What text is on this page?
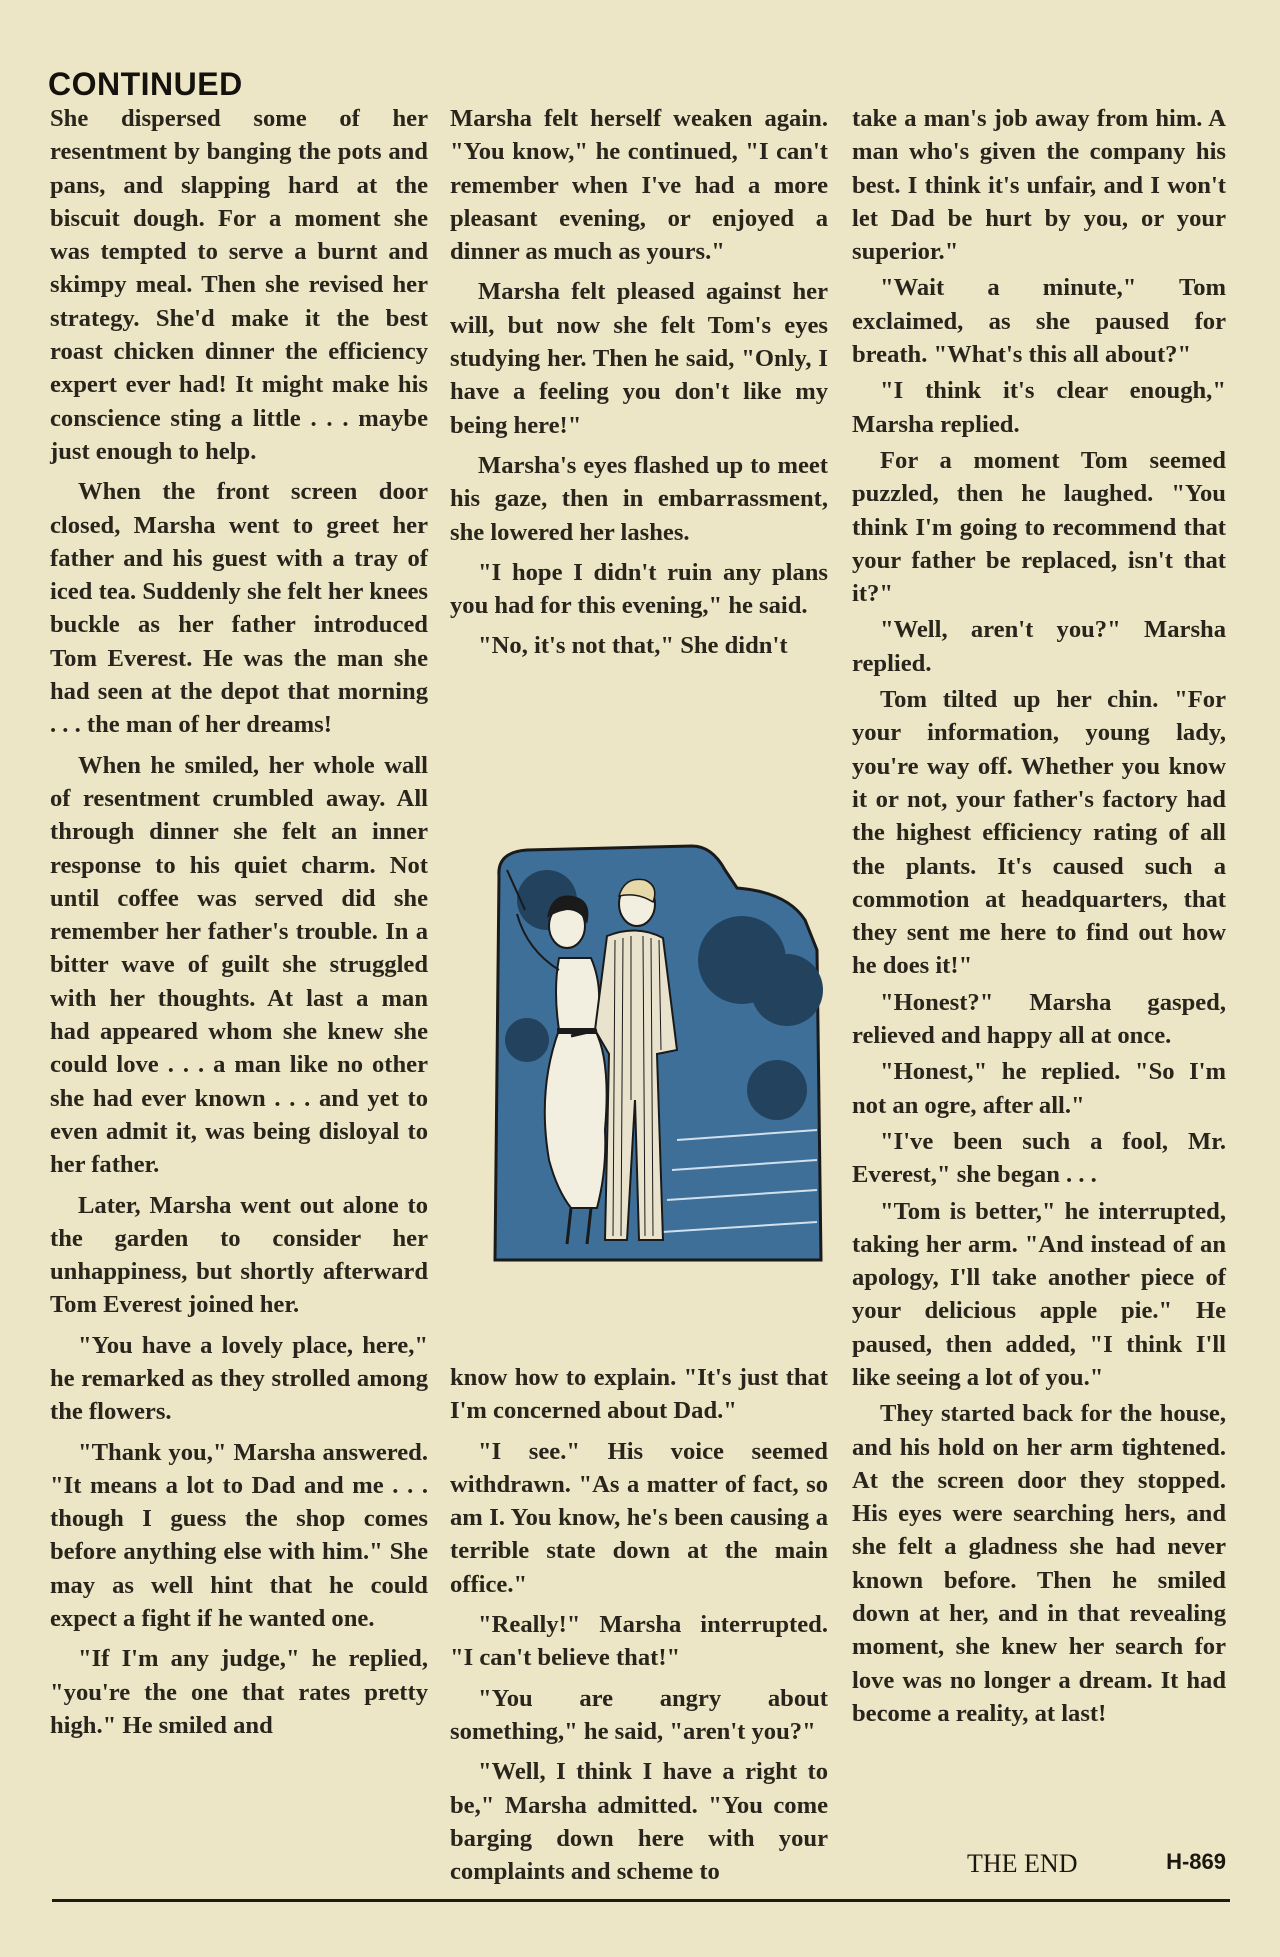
CONTINUED

She dispersed some of her resentment by banging the pots and pans, and slapping hard at the biscuit dough. For a moment she was tempted to serve a burnt and skimpy meal. Then she revised her strategy. She'd make it the best roast chicken dinner the efficiency expert ever had! It might make his conscience sting a little . . . maybe just enough to help.

When the front screen door closed, Marsha went to greet her father and his guest with a tray of iced tea. Suddenly she felt her knees buckle as her father introduced Tom Everest. He was the man she had seen at the depot that morning . . . the man of her dreams!

When he smiled, her whole wall of resentment crumbled away. All through dinner she felt an inner response to his quiet charm. Not until coffee was served did she remember her father's trouble. In a bitter wave of guilt she struggled with her thoughts. At last a man had appeared whom she knew she could love . . . a man like no other she had ever known . . . and yet to even admit it, was being disloyal to her father.

Later, Marsha went out alone to the garden to consider her unhappiness, but shortly afterward Tom Everest joined her.

"You have a lovely place, here," he remarked as they strolled among the flowers.

"Thank you," Marsha answered. "It means a lot to Dad and me . . . though I guess the shop comes before anything else with him." She may as well hint that he could expect a fight if he wanted one.

"If I'm any judge," he replied, "you're the one that rates pretty high." He smiled and

Marsha felt herself weaken again. "You know," he continued, "I can't remember when I've had a more pleasant evening, or enjoyed a dinner as much as yours."

Marsha felt pleased against her will, but now she felt Tom's eyes studying her. Then he said, "Only, I have a feeling you don't like my being here!"

Marsha's eyes flashed up to meet his gaze, then in embarrassment, she lowered her lashes.

"I hope I didn't ruin any plans you had for this evening," he said.

"No, it's not that," She didn't

know how to explain. "It's just that I'm concerned about Dad."

"I see." His voice seemed withdrawn. "As a matter of fact, so am I. You know, he's been causing a terrible state down at the main office."

"Really!" Marsha interrupted. "I can't believe that!"

"You are angry about something," he said, "aren't you?"

"Well, I think I have a right to be," Marsha admitted. "You come barging down here with your complaints and scheme to

take a man's job away from him. A man who's given the company his best. I think it's unfair, and I won't let Dad be hurt by you, or your superior."

"Wait a minute," Tom exclaimed, as she paused for breath. "What's this all about?"

"I think it's clear enough," Marsha replied.

For a moment Tom seemed puzzled, then he laughed. "You think I'm going to recommend that your father be replaced, isn't that it?"

"Well, aren't you?" Marsha replied.

Tom tilted up her chin. "For your information, young lady, you're way off. Whether you know it or not, your father's factory had the highest efficiency rating of all the plants. It's caused such a commotion at headquarters, that they sent me here to find out how he does it!"

"Honest?" Marsha gasped, relieved and happy all at once.

"Honest," he replied. "So I'm not an ogre, after all."

"I've been such a fool, Mr. Everest," she began . . .

"Tom is better," he interrupted, taking her arm. "And instead of an apology, I'll take another piece of your delicious apple pie." He paused, then added, "I think I'll like seeing a lot of you."

They started back for the house, and his hold on her arm tightened. At the screen door they stopped. His eyes were searching hers, and she felt a gladness she had never known before. Then he smiled down at her, and in that revealing moment, she knew her search for love was no longer a dream. It had become a reality, at last!

THE END	H-869
